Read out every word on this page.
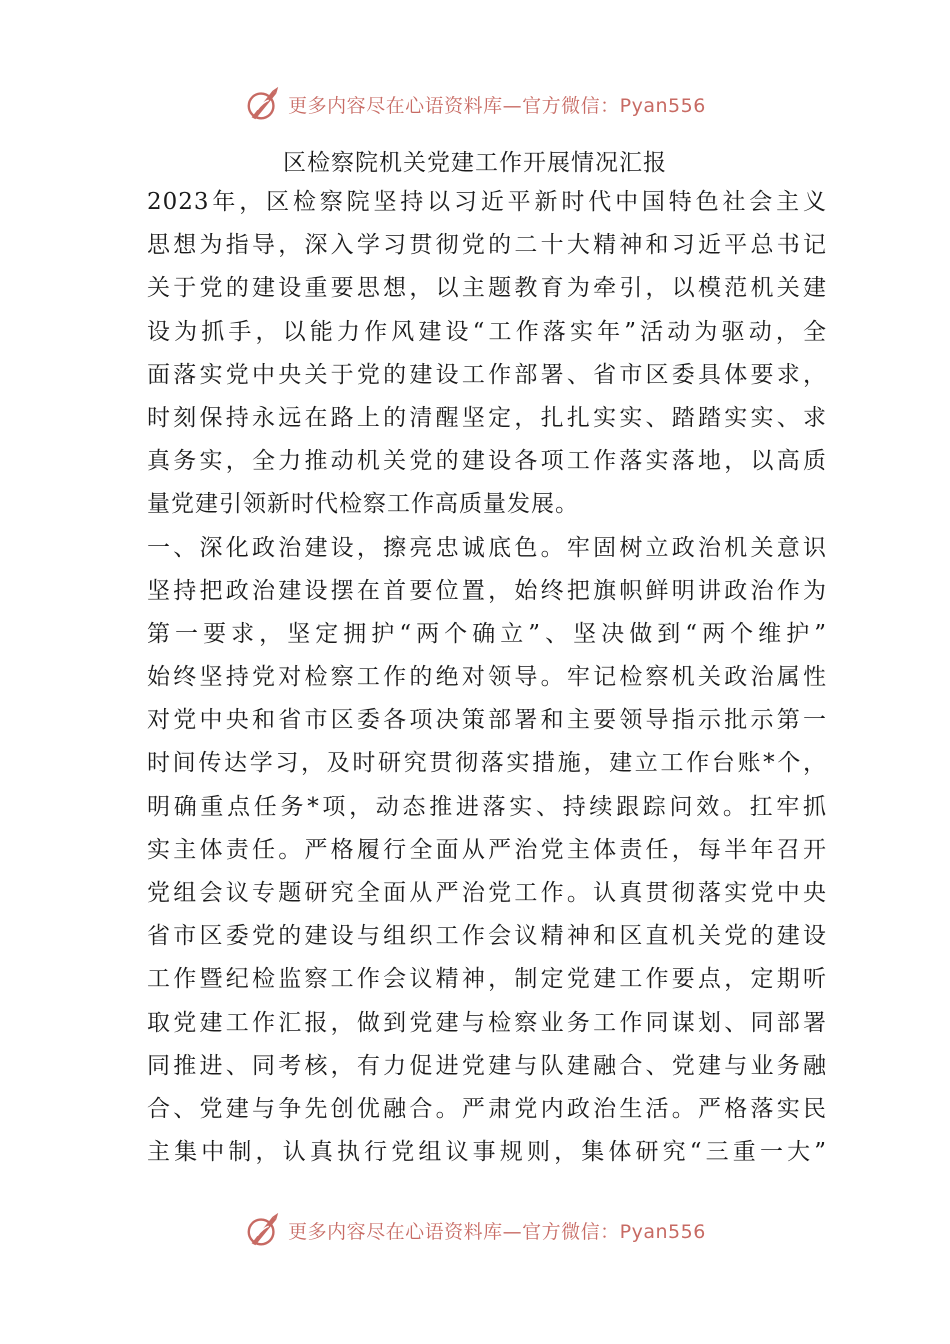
更多内容尽在心语资料库—官方微信：Pyan556
区检察院机关党建工作开展情况汇报
2023年，区检察院坚持以习近平新时代中国特色社会主义
思想为指导，深入学习贯彻党的二十大精神和习近平总书记
关于党的建设重要思想，以主题教育为牵引，以模范机关建
设为抓手，以能力作风建设“工作落实年”活动为驱动，全
面落实党中央关于党的建设工作部署、省市区委具体要求，
时刻保持永远在路上的清醒坚定，扎扎实实、踏踏实实、求
真务实，全力推动机关党的建设各项工作落实落地，以高质
量党建引领新时代检察工作高质量发展。
一、深化政治建设，擦亮忠诚底色。牢固树立政治机关意识
坚持把政治建设摆在首要位置，始终把旗帜鲜明讲政治作为
第一要求，坚定拥护“两个确立”、坚决做到“两个维护”
始终坚持党对检察工作的绝对领导。牢记检察机关政治属性
对党中央和省市区委各项决策部署和主要领导指示批示第一
时间传达学习，及时研究贯彻落实措施，建立工作台账*个，
明确重点任务*项，动态推进落实、持续跟踪问效。扛牢抓
实主体责任。严格履行全面从严治党主体责任，每半年召开
党组会议专题研究全面从严治党工作。认真贯彻落实党中央
省市区委党的建设与组织工作会议精神和区直机关党的建设
工作暨纪检监察工作会议精神，制定党建工作要点，定期听
取党建工作汇报，做到党建与检察业务工作同谋划、同部署
同推进、同考核，有力促进党建与队建融合、党建与业务融
合、党建与争先创优融合。严肃党内政治生活。严格落实民
主集中制，认真执行党组议事规则，集体研究“三重一大”
更多内容尽在心语资料库—官方微信：Pyan556
